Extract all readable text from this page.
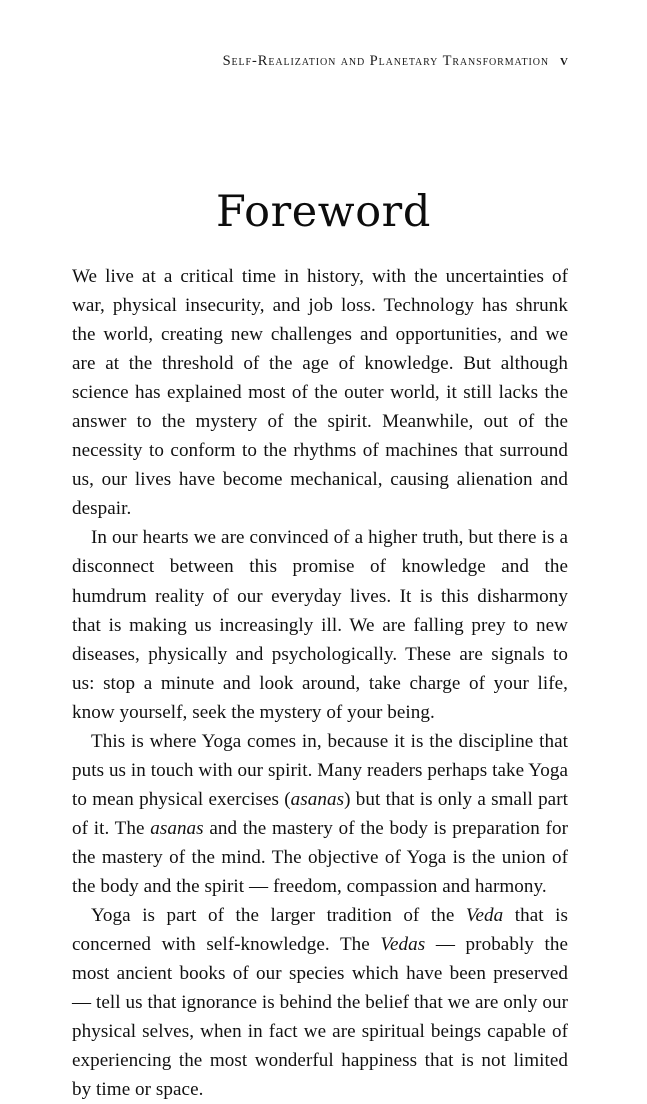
Self-Realization and Planetary Transformation v
Foreword

We live at a critical time in history, with the uncertainties of war, physical insecurity, and job loss. Technology has shrunk the world, creating new challenges and opportunities, and we are at the threshold of the age of knowledge. But although science has explained most of the outer world, it still lacks the answer to the mystery of the spirit. Meanwhile, out of the necessity to conform to the rhythms of machines that surround us, our lives have become mechanical, causing alienation and despair.

In our hearts we are convinced of a higher truth, but there is a disconnect between this promise of knowledge and the humdrum reality of our everyday lives. It is this disharmony that is making us increasingly ill. We are falling prey to new diseases, physically and psychologically. These are signals to us: stop a minute and look around, take charge of your life, know yourself, seek the mystery of your being.

This is where Yoga comes in, because it is the discipline that puts us in touch with our spirit. Many readers perhaps take Yoga to mean physical exercises (asanas) but that is only a small part of it. The asanas and the mastery of the body is preparation for the mastery of the mind. The objective of Yoga is the union of the body and the spirit — freedom, compassion and harmony.

Yoga is part of the larger tradition of the Veda that is concerned with self-knowledge. The Vedas — probably the most ancient books of our species which have been preserved — tell us that ignorance is behind the belief that we are only our physical selves, when in fact we are spiritual beings capable of experiencing the most wonderful happiness that is not limited by time or space.
